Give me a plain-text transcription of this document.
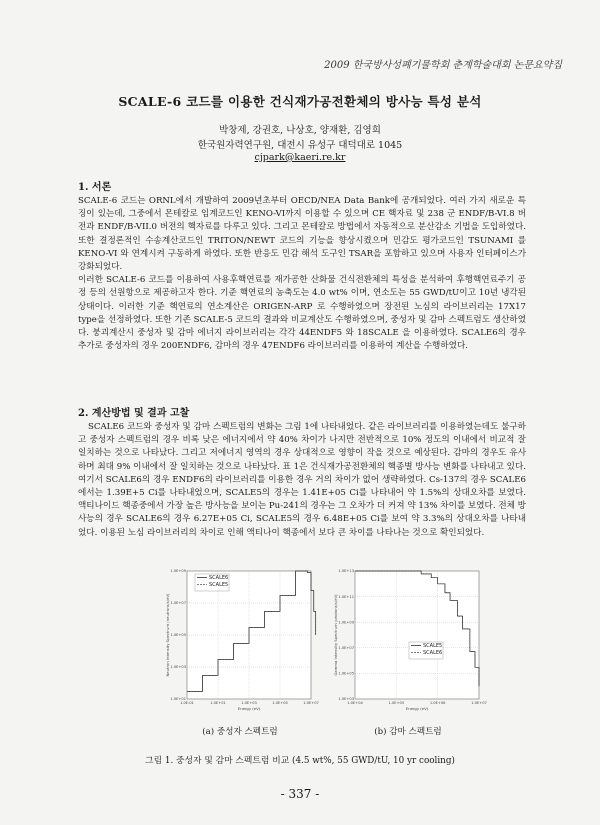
2009 한국방사성폐기물학회 춘계학술대회 논문요약집
SCALE-6 코드를 이용한 건식재가공전환체의 방사능 특성 분석
박창제, 강권호, 나상호, 양재환, 김영희
한국원자력연구원, 대전시 유성구 대덕대로 1045
cjpark@kaeri.re.kr
1. 서론

SCALE-6 코드는 ORNL에서 개발하여 2009년초부터 OECD/NEA Data Bank에 공개되었다. 여러 가지 새로운 특징이 있는데, 그중에서 몬테칼로 임계코드인 KENO-VI까지 이용할 수 있으며 CE 핵자료 및 238 군 ENDF/B-VI.8 버전과 ENDF/B-VII.0 버전의 핵자료를 다루고 있다. 그리고 몬테칼로 방법에서 자동적으로 분산감소 기법을 도입하였다. 또한 결정론적인 수송계산코드인 TRITON/NEWT 코드의 기능을 향상시켰으며 민감도 평가코드인 TSUNAMI 를 KENO-VI 와 연계시켜 구동하게 하였다. 또한 반응도 민감 해석 도구인 TSAR을 포함하고 있으며 사용자 인터페이스가 강화되었다.

이러한 SCALE-6 코드를 이용하여 사용후핵연료를 재가공한 산화물 건식전환체의 특성을 분석하여 후행핵연료주기 공정 등의 선원항으로 제공하고자 한다. 기준 핵연료의 농축도는 4.0 wt% 이며, 연소도는 55 GWD/tU이고 10년 냉각된 상태이다. 이러한 기준 핵연료의 연소계산은 ORIGEN-ARP 로 수행하였으며 장전된 노심의 라이브러리는 17X17 type을 선정하였다. 또한 기존 SCALE-5 코드의 결과와 비교계산도 수행하였으며, 중성자 및 감마 스펙트럼도 생산하였다. 붕괴계산시 중성자 및 감마 에너지 라이브러리는 각각 44ENDF5 와 18SCALE 을 이용하였다. SCALE6의 경우 추가로 중성자의 경우 200ENDF6, 감마의 경우 47ENDF6 라이브러리를 이용하여 계산을 수행하였다.

2. 계산방법 및 결과 고찰

SCALE6 코드와 중성자 및 감마 스펙트럼의 변화는 그림 1에 나타내었다. 같은 라이브러리를 이용하였는데도 불구하고 중성자 스펙트럼의 경우 비록 낮은 에너지에서 약 40% 차이가 나지만 전반적으로 10% 정도의 이내에서 비교적 잘 일치하는 것으로 나타났다. 그리고 저에너지 영역의 경우 상대적으로 영향이 작을 것으로 예상된다. 감마의 경우도 유사하며 최대 9% 이내에서 잘 일치하는 것으로 나타났다. 표 1은 건식재가공전환체의 핵종별 방사능 변화를 나타내고 있다. 여기서 SCALE6의 경우 ENDF6의 라이브러리를 이용한 경우 거의 차이가 없어 생략하였다. Cs-137의 경우 SCALE6에서는 1.39E+5 Ci를 나타내었으며, SCALE5의 경우는 1.41E+05 Ci를 나타내어 약 1.5%의 상대오차를 보였다. 액티나이드 핵종중에서 가장 높은 방사능을 보이는 Pu-241의 경우는 그 오차가 더 커져 약 13% 차이를 보였다. 전체 방사능의 경우 SCALE6의 경우 6.27E+05 Ci, SCALE5의 경우 6.48E+05 Ci를 보여 약 3.3%의 상대오차를 나타내었다. 이용된 노심 라이브러리의 차이로 인해 액티나이 핵종에서 보다 큰 차이를 나타나는 것으로 확인되었다.

1.0E+01
1.0E+03
1.0E+05
1.0E+07
1.0E+09
1.0E-01	1.0E+01	1.0E+03	1.0E+05	1.0E+07
Energy (eV)
Neutron Intensity Spectrum (neutrons/s/eV)
SCALE6
SCALE5
1.0E+03
1.0E+05
1.0E+07
1.0E+09
1.0E+11
1.0E+13
1.0E+04	1.0E+05	1.0E+06	1.0E+07
Energy (eV)
Gamma Intensity Spectrum (photons/s/eV)	SCALE5
SCALE6
(a) 중성자 스펙트럼	(b) 감마 스펙트럼
그림 1. 중성자 및 감마 스펙트럼 비교 (4.5 wt%, 55 GWD/tU, 10 yr cooling)
- 337 -
